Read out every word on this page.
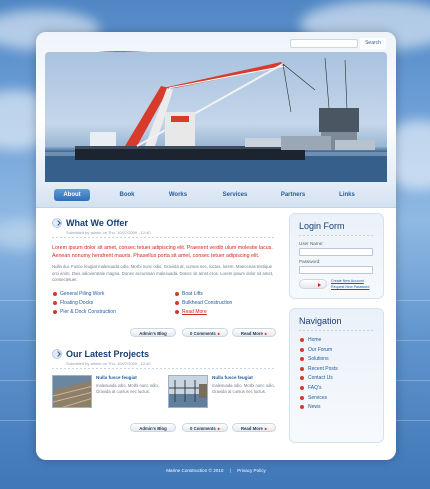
Search
About	Book	Works	Services	Partners	Links
What We Offer
Submitted by admin on Thu, 10/07/2009 - 12:40
Lorem ipsum dolor sit amet, consec tetuer adipiscing elit. Praesent vestib ulum molestie lacus. Aenean nonumy hendrerit mauris. Phasellus porta sit amet, consec tetuer adipiscing elit.
Nulla dui. Fusce feugiat malesuada odio. Morbi nunc odio, Gravida at, cursus nec, luctus, lorem. Maecenas tristique orci enim. Duis odioventrale magna. Donec accumsan malesuada. Donec sit amet eros. Lorem ipsum dolor sit amet, consectetuer.
General Piling Work
Floating Docks
Pier & Dock Construction
Boat Lifts
Bulkhead Construction
Read More
Admin's Blog	0 Comments ▸	Read More ▸
Our Latest Projects
Submitted by admin on Thu, 10/07/2009 - 12:40
Nulla fusce feugiat
malesuada odio. Morbi nunc odio, Gravida at cursus nec luctus.
Nulla fusce feugiat
malesuada odio. Morbi nunc odio, Gravida at cursus nec luctus.
Admin's Blog	0 Comments ▸	Read More ▸
Login Form
User Name:
Password:
Create New Account
Request New Password
Navigation
Home
Our Forum
Solutions
Recent Posts
Contact Us
FAQ's
Services
News
Marine Construction © 2010 | Privacy Policy
